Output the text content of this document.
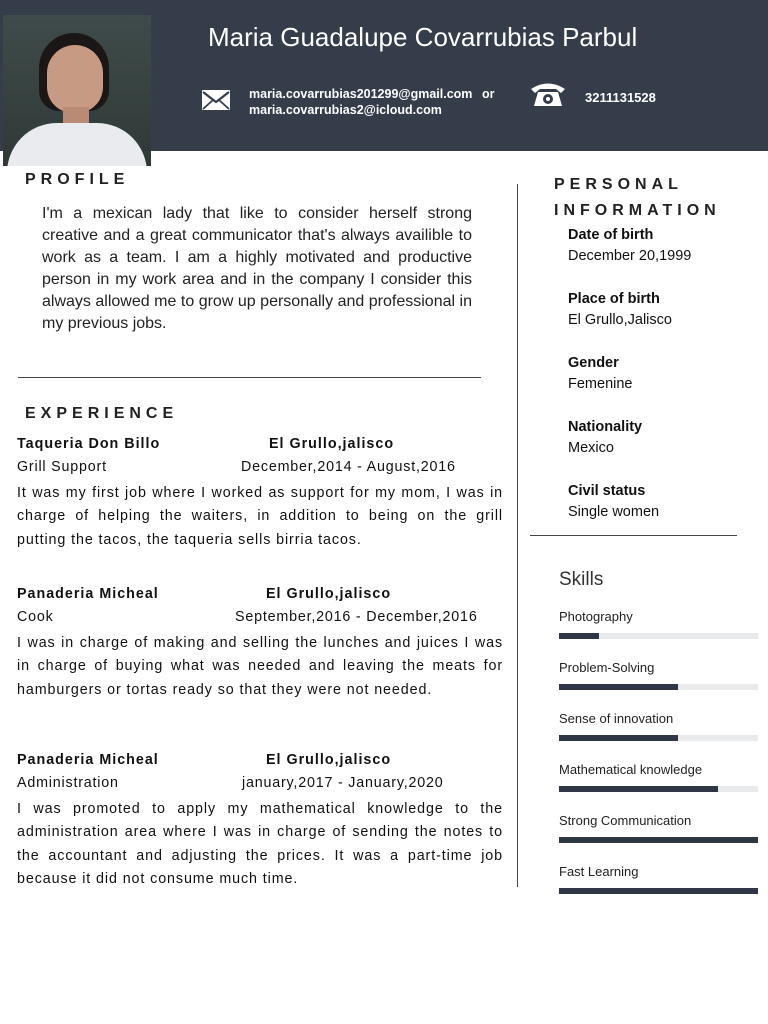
Maria Guadalupe Covarrubias Parbul
maria.covarrubias201299@gmail.com
maria.covarrubias2@icloud.com
or	3211131528
PROFILE
I'm a mexican lady that like to consider herself strong creative and a great communicator that's always availible to work as a team. I am a highly motivated and productive person in my work area and in the company I consider this always allowed me to grow up personally and professional in my previous jobs.
EXPERIENCE
Taqueria Don Billo	El Grullo,jalisco
Grill Support	December,2014 - August,2016
It was my first job where I worked as support for my mom, I was in charge of helping the waiters, in addition to being on the grill putting the tacos, the taqueria sells birria tacos.
Panaderia Micheal	El Grullo,jalisco
Cook	September,2016 - December,2016
I was in charge of making and selling the lunches and juices I was in charge of buying what was needed and leaving the meats for hamburgers or tortas ready so that they were not needed.
Panaderia Micheal	El Grullo,jalisco
Administration	january,2017 - January,2020
I was promoted to apply my mathematical knowledge to the administration area where I was in charge of sending the notes to the accountant and adjusting the prices. It was a part-time job because it did not consume much time.
PERSONAL
INFORMATION
Date of birth
December 20,1999
Place of birth
El Grullo,Jalisco
Gender
Femenine
Nationality
Mexico
Civil status
Single women
Skills
Photography
Problem-Solving
Sense of innovation
Mathematical knowledge
Strong Communication
Fast Learning
